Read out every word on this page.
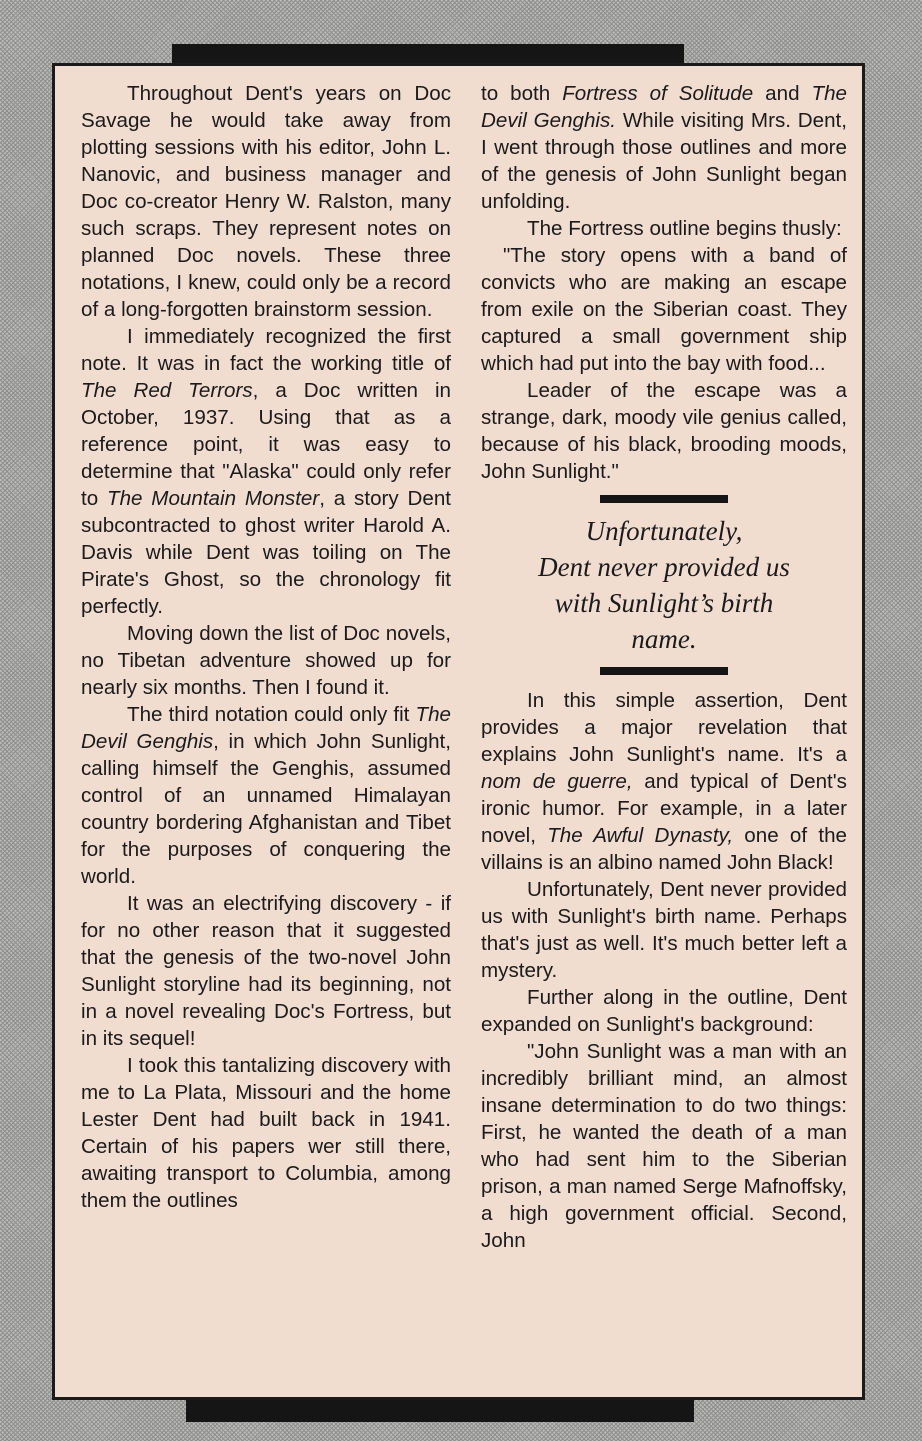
Throughout Dent's years on Doc Savage he would take away from plotting sessions with his editor, John L. Nanovic, and business manager and Doc co-creator Henry W. Ralston, many such scraps. They represent notes on planned Doc novels. These three notations, I knew, could only be a record of a long-forgotten brainstorm session.

I immediately recognized the first note. It was in fact the working title of The Red Terrors, a Doc written in October, 1937. Using that as a reference point, it was easy to determine that "Alaska" could only refer to The Mountain Monster, a story Dent subcontracted to ghost writer Harold A. Davis while Dent was toiling on The Pirate's Ghost, so the chronology fit perfectly.

Moving down the list of Doc novels, no Tibetan adventure showed up for nearly six months. Then I found it.

The third notation could only fit The Devil Genghis, in which John Sunlight, calling himself the Genghis, assumed control of an unnamed Himalayan country bordering Afghanistan and Tibet for the purposes of conquering the world.

It was an electrifying discovery - if for no other reason that it suggested that the genesis of the two-novel John Sunlight storyline had its beginning, not in a novel revealing Doc's Fortress, but in its sequel!

I took this tantalizing discovery with me to La Plata, Missouri and the home Lester Dent had built back in 1941. Certain of his papers wer still there, awaiting transport to Columbia, among them the outlines

to both Fortress of Solitude and The Devil Genghis. While visiting Mrs. Dent, I went through those outlines and more of the genesis of John Sunlight began unfolding.

The Fortress outline begins thusly:

"The story opens with a band of convicts who are making an escape from exile on the Siberian coast. They captured a small government ship which had put into the bay with food...

Leader of the escape was a strange, dark, moody vile genius called, because of his black, brooding moods, John Sunlight."

Unfortunately,
Dent never provided us
with Sunlight’s birth
name.

In this simple assertion, Dent provides a major revelation that explains John Sunlight's name. It's a nom de guerre, and typical of Dent's ironic humor. For example, in a later novel, The Awful Dynasty, one of the villains is an albino named John Black!

Unfortunately, Dent never provided us with Sunlight's birth name. Perhaps that's just as well. It's much better left a mystery.

Further along in the outline, Dent expanded on Sunlight's background:

"John Sunlight was a man with an incredibly brilliant mind, an almost insane determination to do two things: First, he wanted the death of a man who had sent him to the Siberian prison, a man named Serge Mafnoffsky, a high government official. Second, John
